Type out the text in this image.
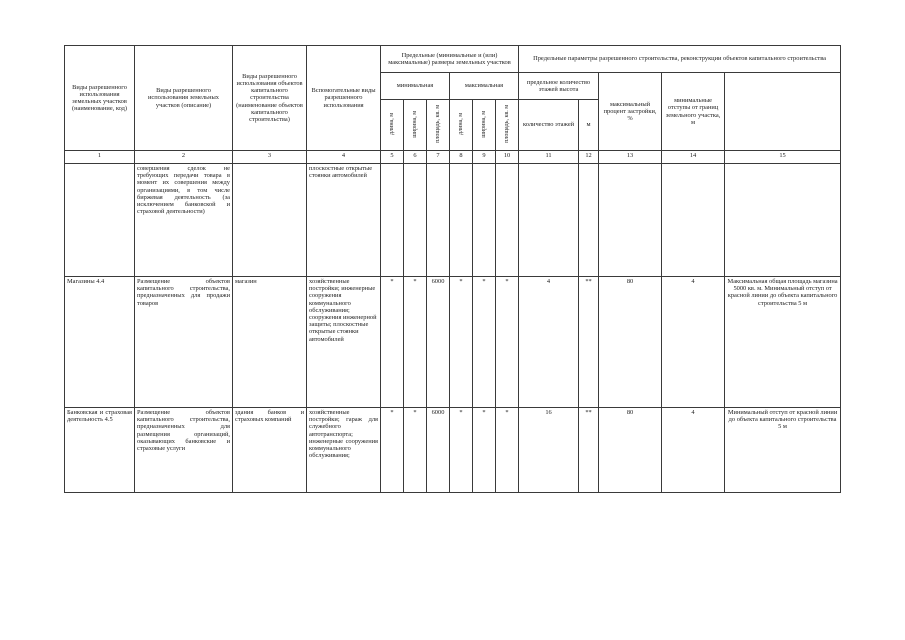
Виды разрешенного использования земельных участков (наименование, код)	Виды разрешенного использования земельных участков (описание)	Виды разрешенного использования объектов капитального строительства (наименование объектов капитального строительства)	Вспомогательные виды разрешенного использования	Предельные (минимальные и (или) максимальные) размеры земельных участков						Предельные параметры разрешенного строительства, реконструкции объектов капитального строительства	
				минимальная			максимальная			предельное количество этажей высота		максимальный процент застройки, %	минимальные отступы от границ земельного участка, м		
				длина, м	ширина, м	площадь, кв. м	длина, м	ширина, м	площадь, кв. м	количество этажей	м				
1	2	3	4	5	6	7	8	9	10	11	12	13	14	15	
	совершения сделок не требующих передачи товара в момент их совершения между организациями, в том числе биржевая деятельность (за исключением банковской и страховой деятельности)		плоскостные открытые стоянки автомобилей												
Магазины 4.4	Размещение объектов капитального строительства, предназначенных для продажи товаров	магазин	хозяйственные постройки; инженерные сооружения коммунального обслуживания; сооружения инженерной защиты; плоскостные открытые стоянки автомобилей	*	*	6000	*	*	*	4	**	80	4	Максимальная общая площадь магазина 5000 кв. м. Минимальный отступ от красной линии до объекта капитального строительства 5 м	
Банковская и страховая деятельность 4.5	Размещение объектов капитального строительства, предназначенных для размещения организаций, оказывающих банковские и страховые услуги	здания банков и страховых компаний	хозяйственные постройки; гараж для служебного автотранспорта; инженерные сооружения коммунального обслуживания;	*	*	6000	*	*	*	16	**	80	4	Минимальный отступ от красной линии до объекта капитального строительства 5 м	
